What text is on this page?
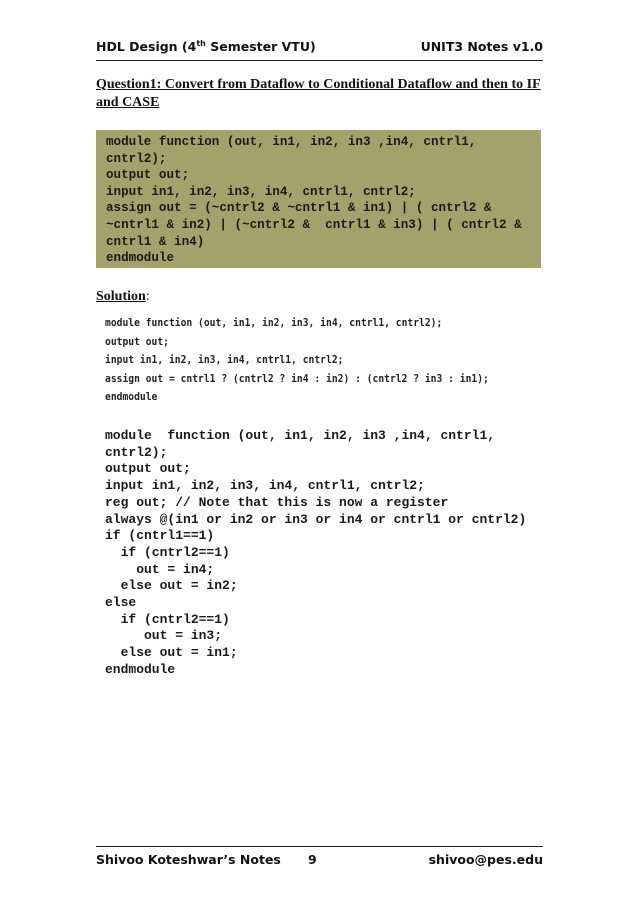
HDL Design (4th Semester VTU)	UNIT3 Notes v1.0
Question1: Convert from Dataflow to Conditional Dataflow and then to IF and CASE
module function (out, in1, in2, in3 ,in4, cntrl1,
cntrl2);
output out;
input in1, in2, in3, in4, cntrl1, cntrl2;
assign out = (~cntrl2 & ~cntrl1 & in1) | ( cntrl2 &
~cntrl1 & in2) | (~cntrl2 &  cntrl1 & in3) | ( cntrl2 &
cntrl1 & in4)
endmodule
Solution:
module function (out, in1, in2, in3, in4, cntrl1, cntrl2);
output out;
input in1, in2, in3, in4, cntrl1, cntrl2;
assign out = cntrl1 ? (cntrl2 ? in4 : in2) : (cntrl2 ? in3 : in1);
endmodule
module  function (out, in1, in2, in3 ,in4, cntrl1,
cntrl2);
output out;
input in1, in2, in3, in4, cntrl1, cntrl2;
reg out; // Note that this is now a register
always @(in1 or in2 or in3 or in4 or cntrl1 or cntrl2)
if (cntrl1==1)
if (cntrl2==1)
out = in4;
else out = in2;
else
if (cntrl2==1)
out = in3;
else out = in1;
endmodule
Shivoo Koteshwar’s Notes 9	shivoo@pes.edu
